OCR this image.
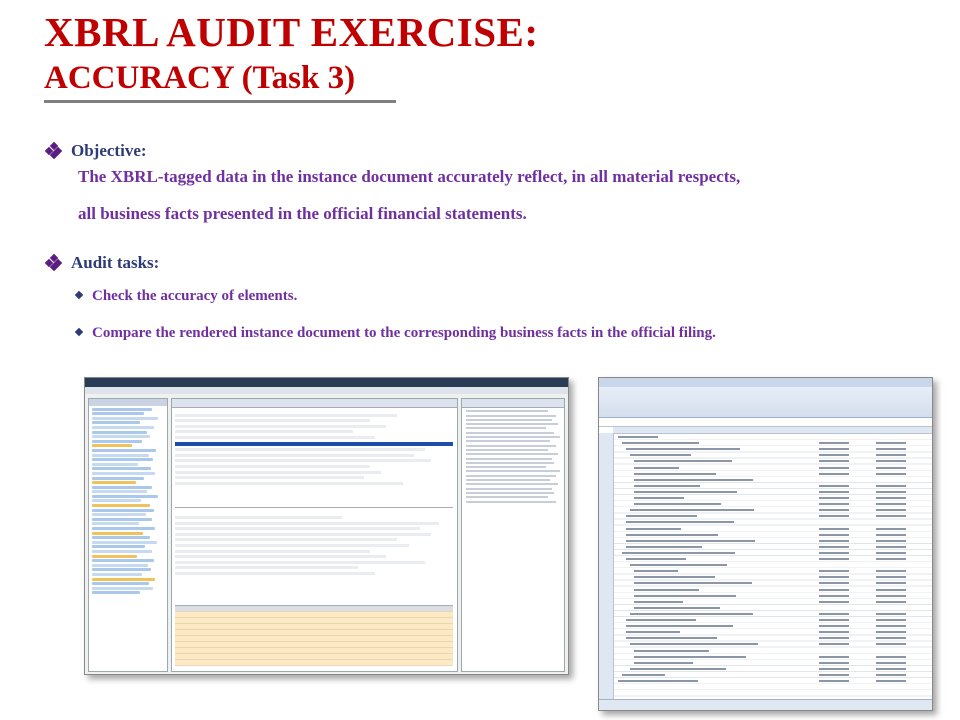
XBRL AUDIT EXERCISE:
ACCURACY (Task 3)
Objective:
The XBRL-tagged data in the instance document accurately reflect, in all material respects,
all business facts presented in the official financial statements.
Audit tasks:
Check the accuracy of elements.
Compare the rendered instance document to the corresponding business facts in the official filing.
